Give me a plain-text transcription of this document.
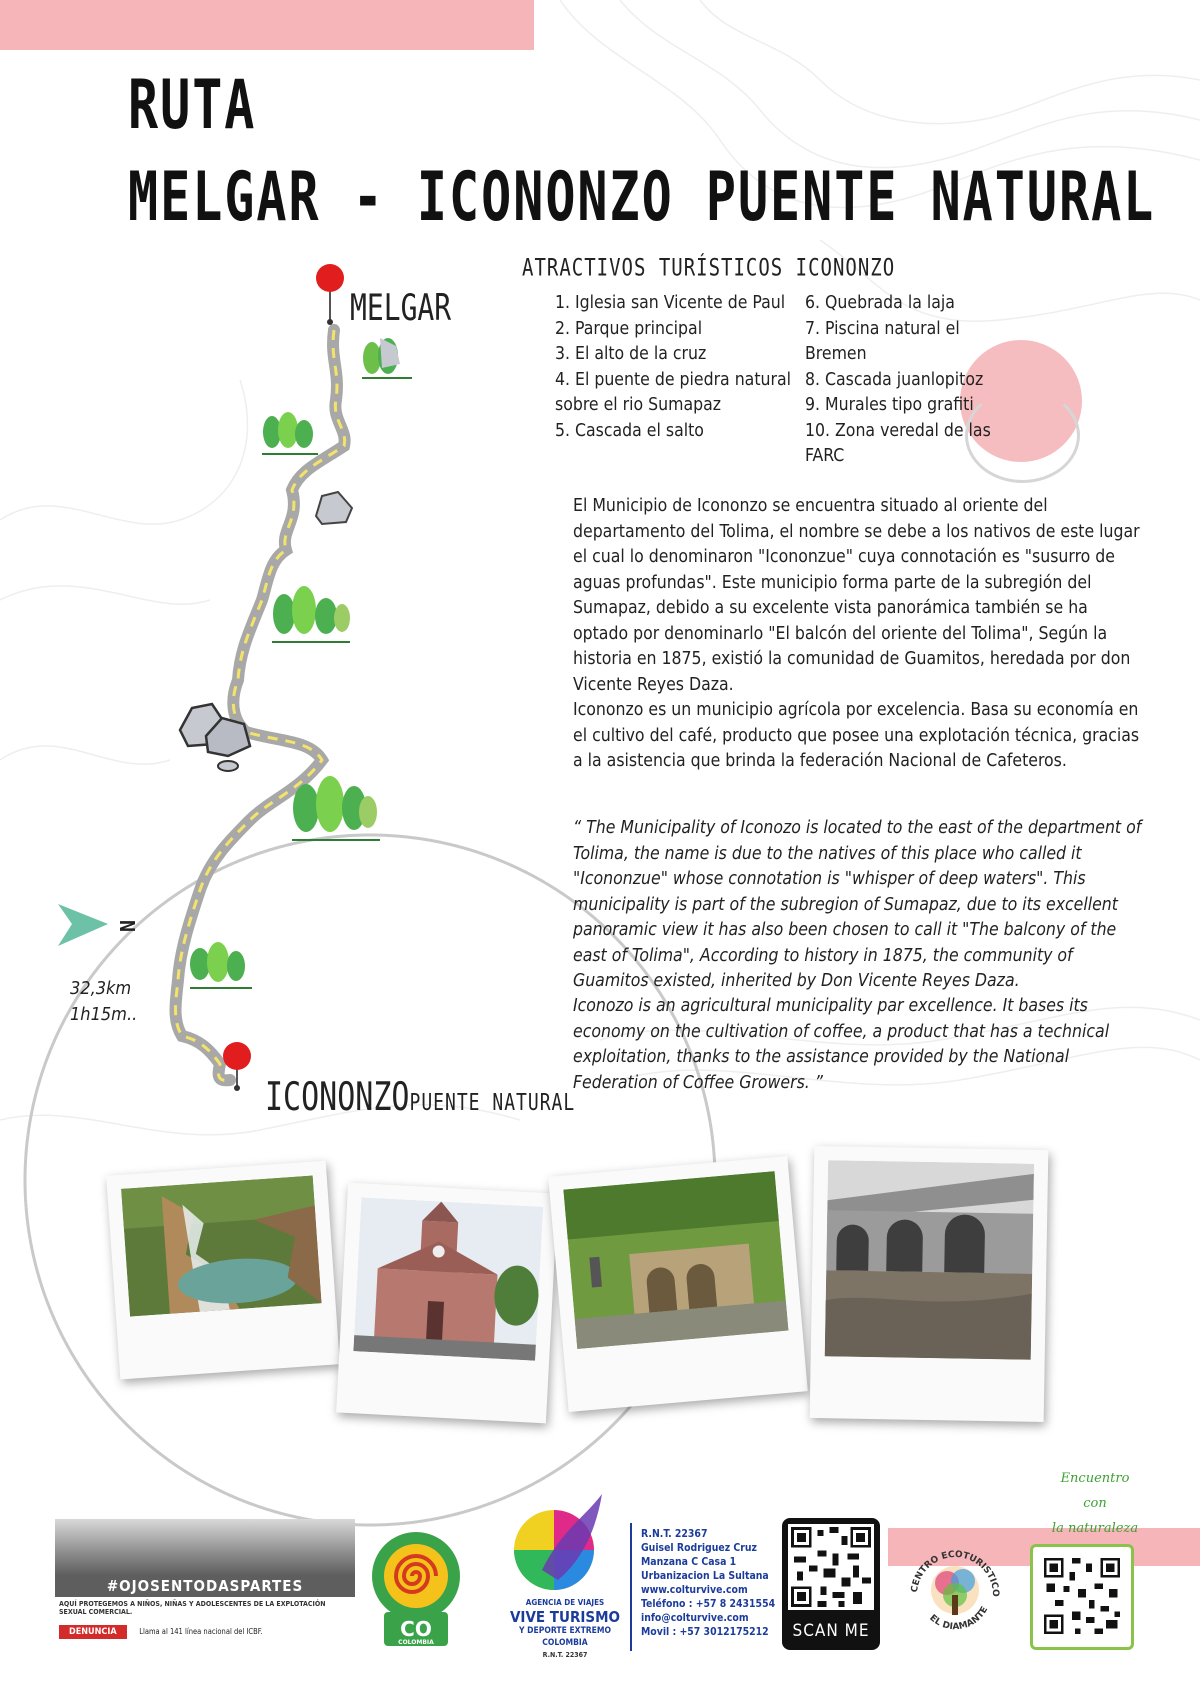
RUTA
MELGAR - ICONONZO PUENTE NATURAL
N
MELGAR
ICONONZOPUENTE NATURAL
32,3km
1h15m..
ATRACTIVOS TURÍSTICOS ICONONZO
1. Iglesia san Vicente de Paul
2. Parque principal
3. El alto de la cruz
4. El puente de piedra natural sobre el rio Sumapaz
5. Cascada el salto
6. Quebrada la laja
7. Piscina natural el Bremen
8. Cascada juanlopitoz
9. Murales tipo grafiti
10. Zona veredal de las FARC

El Municipio de Icononzo se encuentra situado al oriente del departamento del Tolima, el nombre se debe a los nativos de este lugar el cual lo denominaron "Icononzue" cuya connotación es "susurro de aguas profundas". Este municipio forma parte de la subregión del Sumapaz, debido a su excelente vista panorámica también se ha optado por denominarlo "El balcón del oriente del Tolima", Según la historia en 1875, existió la comunidad de Guamitos, heredada por don Vicente Reyes Daza.

Icononzo es un municipio agrícola por excelencia. Basa su economía en el cultivo del café, producto que posee una explotación técnica, gracias a la asistencia que brinda la federación Nacional de Cafeteros.

“ The Municipality of Iconozo is located to the east of the department of Tolima, the name is due to the natives of this place who called it "Icononzue" whose connotation is "whisper of deep waters". This municipality is part of the subregion of Sumapaz, due to its excellent panoramic view it has also been chosen to call it "The balcony of the east of Tolima", According to history in 1875, the community of Guamitos existed, inherited by Don Vicente Reyes Daza.

Iconozo is an agricultural municipality par excellence. It bases its economy on the cultivation of coffee, a product that has a technical exploitation, thanks to the assistance provided by the National Federation of Coffee Growers. ”

#OJOSENTODASPARTES
AQUÍ PROTEGEMOS A NIÑOS, NIÑAS Y ADOLESCENTES DE LA EXPLOTACIÓN SEXUAL COMERCIAL.
DENUNCIA	Llama al 141 línea nacional del ICBF.	CO
COLOMBIA
AGENCIA DE VIAJES
VIVE TURISMO
Y DEPORTE EXTREMO
COLOMBIA
R.N.T. 22367
R.N.T. 22367
Guisel Rodriguez Cruz
Manzana C Casa 1
Urbanizacion La Sultana
www.colturvive.com
Teléfono : +57 8 2431554
info@colturvive.com
Movil : +57 3012175212	SCAN ME
CENTRO ECOTURISTICO
EL DIAMANTE
Encuentro
con
la naturaleza
